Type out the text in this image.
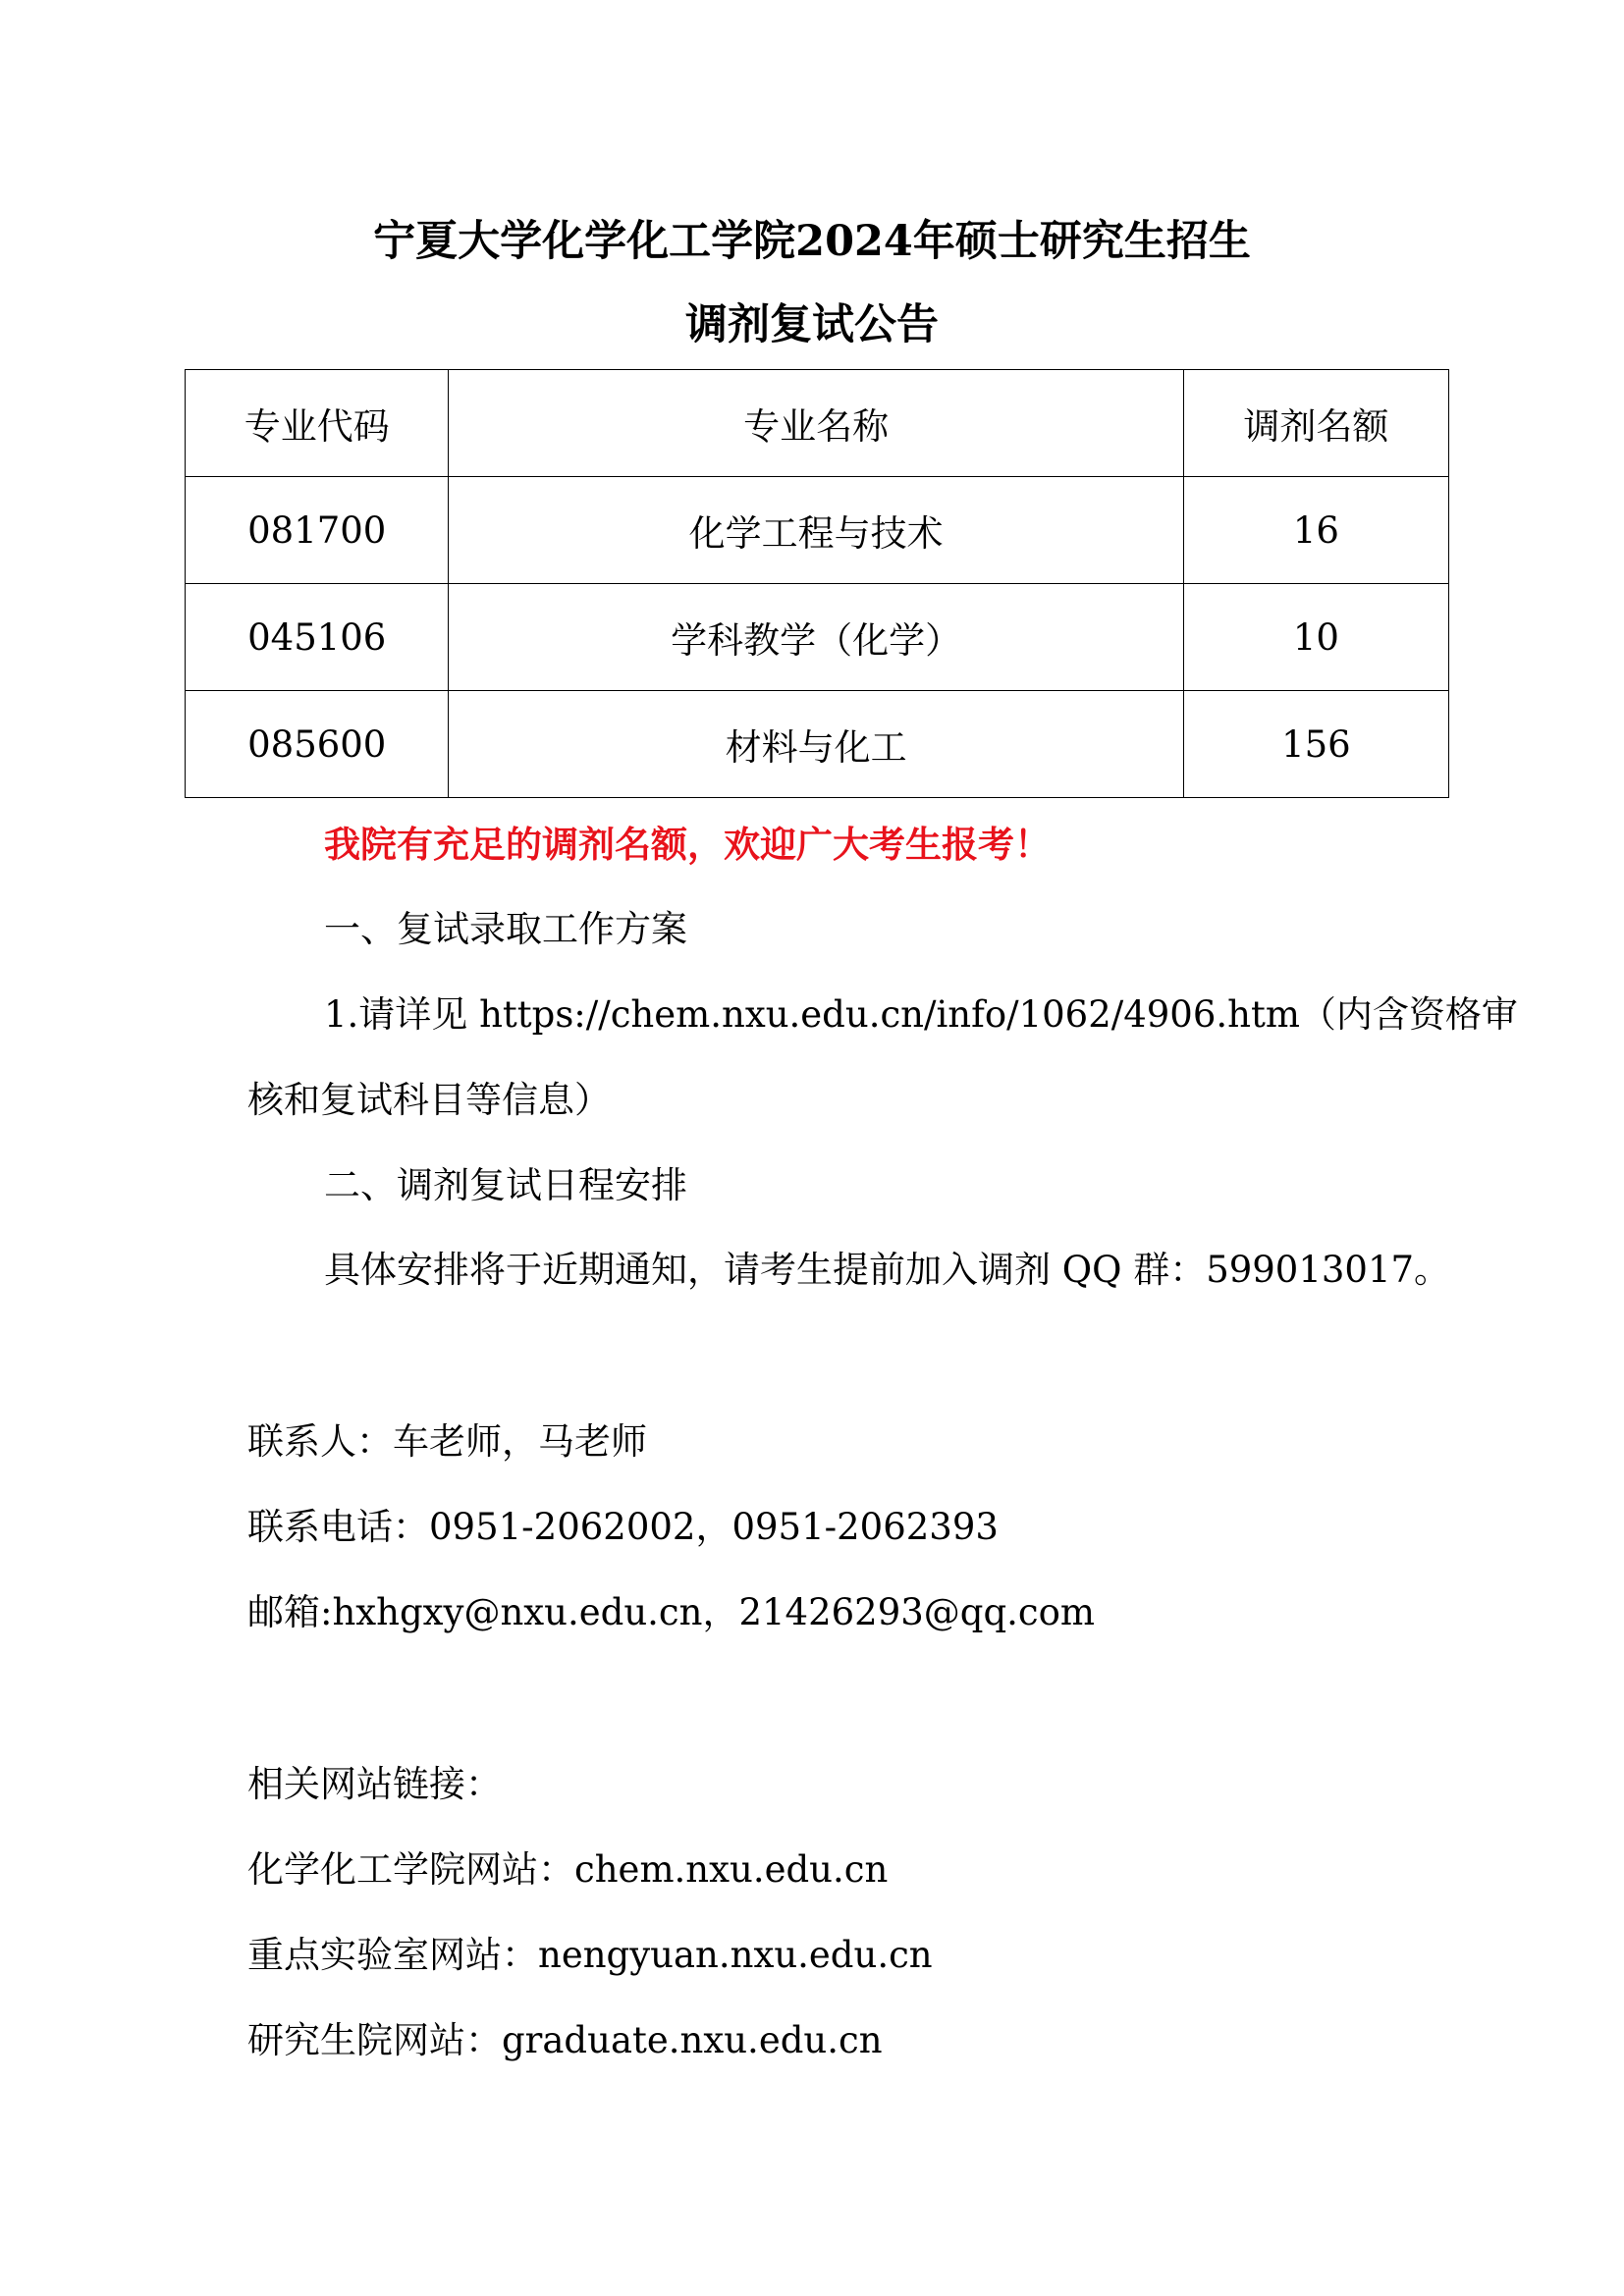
宁夏大学化学化工学院2024年硕士研究生招生
调剂复试公告
专业代码	专业名称	调剂名额
081700	化学工程与技术	16
045106	学科教学（化学）	10
085600	材料与化工	156
我院有充足的调剂名额，欢迎广大考生报考！
一、复试录取工作方案
1.请详见 https://chem.nxu.edu.cn/info/1062/4906.htm（内含资格审
核和复试科目等信息）
二、调剂复试日程安排
具体安排将于近期通知，请考生提前加入调剂 QQ 群：599013017。
联系人：车老师，马老师
联系电话：0951-2062002，0951-2062393
邮箱:hxhgxy@nxu.edu.cn，21426293@qq.com
相关网站链接：
化学化工学院网站：chem.nxu.edu.cn
重点实验室网站：nengyuan.nxu.edu.cn
研究生院网站：graduate.nxu.edu.cn
